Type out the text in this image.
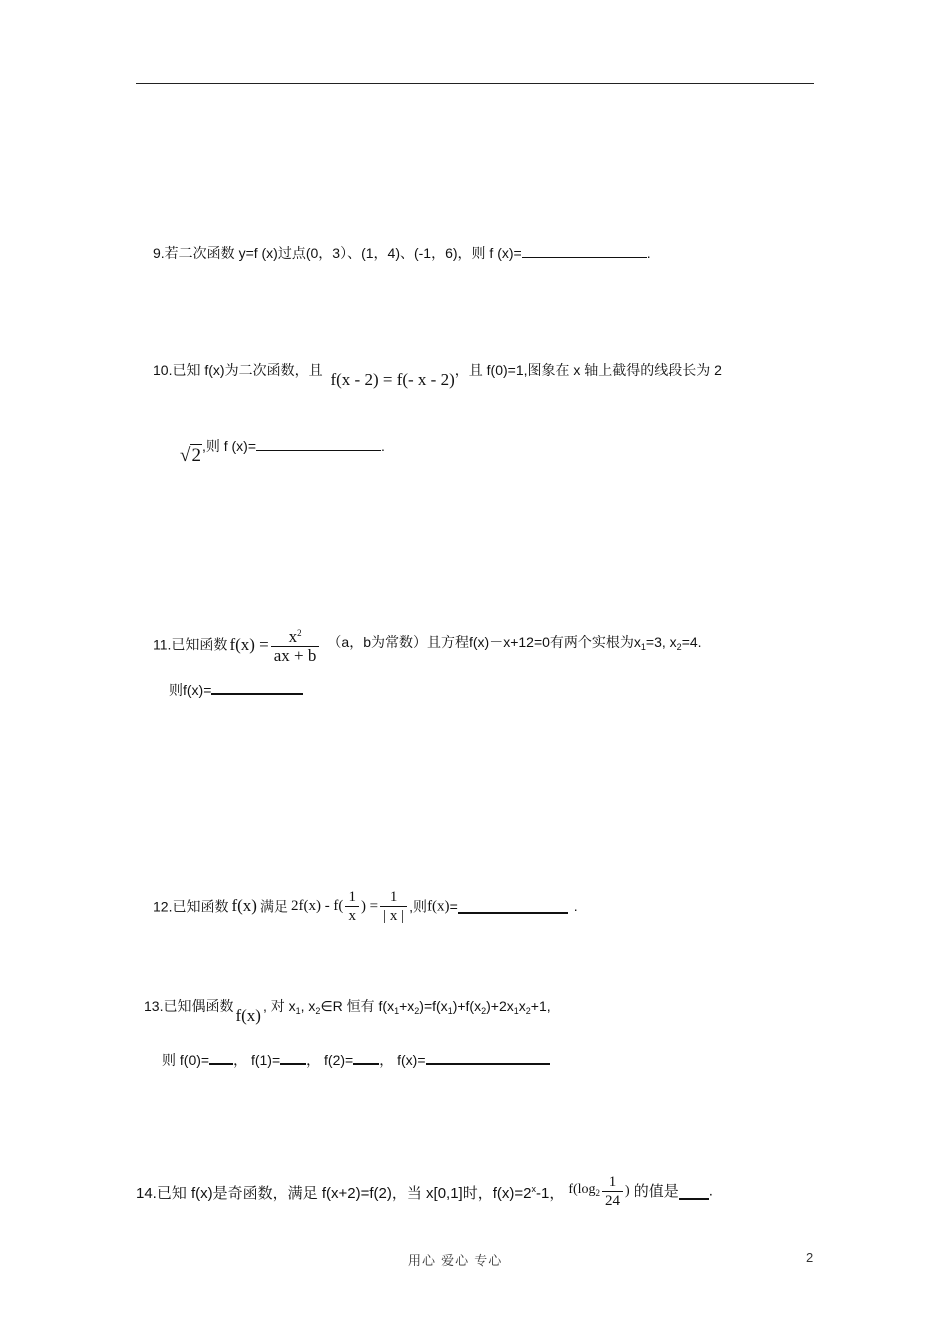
9.若二次函数 y=f (x)过点(0，3）、(1，4)、(-1，6)，则 f (x)=	.
10.已知 f(x)为二次函数，且 f(x - 2) = f(- x - 2)，且 f(0)=1,图象在 x 轴上截得的线段长为 2
√2,则 f (x)=	.
11.已知函数 $f(x) = \frac{x^2}{ax + b} (a$，b为常数）且方程f(x)－x+12=0有两个实根为$x_1=3$, $x_2=4$.
则f(x)=
12.已知函数 f(x) 满足 $2f(x) - f( \frac{1}{x}$ ) = $\frac{1}{| x |}$ ,则f(x)=	.
13.已知偶函数 f(x) , 对 $x_1$, $x_2\in R$ 恒有 $f(x_1+x_2)=f(x_1)+f(x_2)+2x_1x_2+1$,
则 f(0)= ， f(1)= ， f(2)= ， f(x)=
14.已知 f(x)是奇函数，满足 f(x+2)=f(2)，当 x[0,1]时，$f(x)=2^x-1$， $f(\log_2 \frac{1}{24}$ ) 的值是 .
用心 爱心 专心	2
